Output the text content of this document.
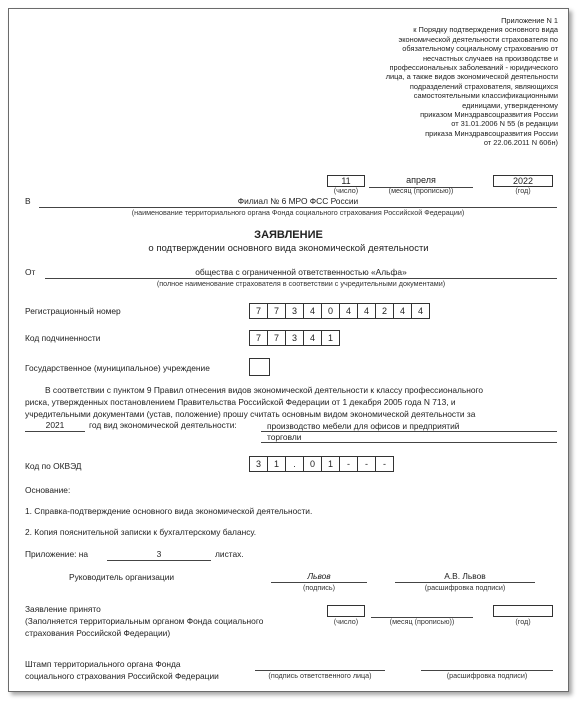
Приложение N 1
к Порядку подтверждения основного вида
экономической деятельности страхователя по
обязательному социальному страхованию от
несчастных случаев на производстве и
профессиональных заболеваний - юридического
лица, а также видов экономической деятельности
подразделений страхователя, являющихся
самостоятельными классификационными
единицами, утвержденному
приказом Минздравсоцразвития России
от 31.01.2006 N 55 (в редакции
приказа Минздравсоцразвития России
от 22.06.2011 N 606н)
11	апреля	2022
(число)	(месяц (прописью))	(год)
В	Филиал № 6 МРО ФСС России
(наименование территориального органа Фонда социального страхования Российской Федерации)
ЗАЯВЛЕНИЕ
о подтверждении основного вида экономической деятельности
От	общества с ограниченной ответственностью «Альфа»
(полное наименование страхователя в соответствии с учредительными документами)
Регистрационный номер	7	7	3	4	0	4	4	2	4	4
Код подчиненности	7	7	3	4	1
Государственное (муниципальное) учреждение
В соответствии с пунктом 9 Правил отнесения видов экономической деятельности к классу профессионального
риска, утвержденных постановлением Правительства Российской Федерации от 1 декабря 2005 года N 713, и
учредительными документами (устав, положение) прошу считать основным видом экономической деятельности за
2021	год вид экономической деятельности:	производство мебели для офисов и предприятий
торговли
Код по ОКВЭД	3	1	.	0	1	-	-	-
Основание:
1. Справка-подтверждение основного вида экономической деятельности.
2. Копия пояснительной записки к бухгалтерскому балансу.
Приложение: на	3	листах.
Руководитель организации	Львов	А.В. Львов
(подпись)	(расшифровка подписи)
Заявление принято
(Заполняется территориальным органом Фонда социального
страхования Российской Федерации)
(число)	(месяц (прописью))	(год)
Штамп территориального органа Фонда
социального страхования Российской Федерации	(подпись ответственного лица)	(расшифровка подписи)
